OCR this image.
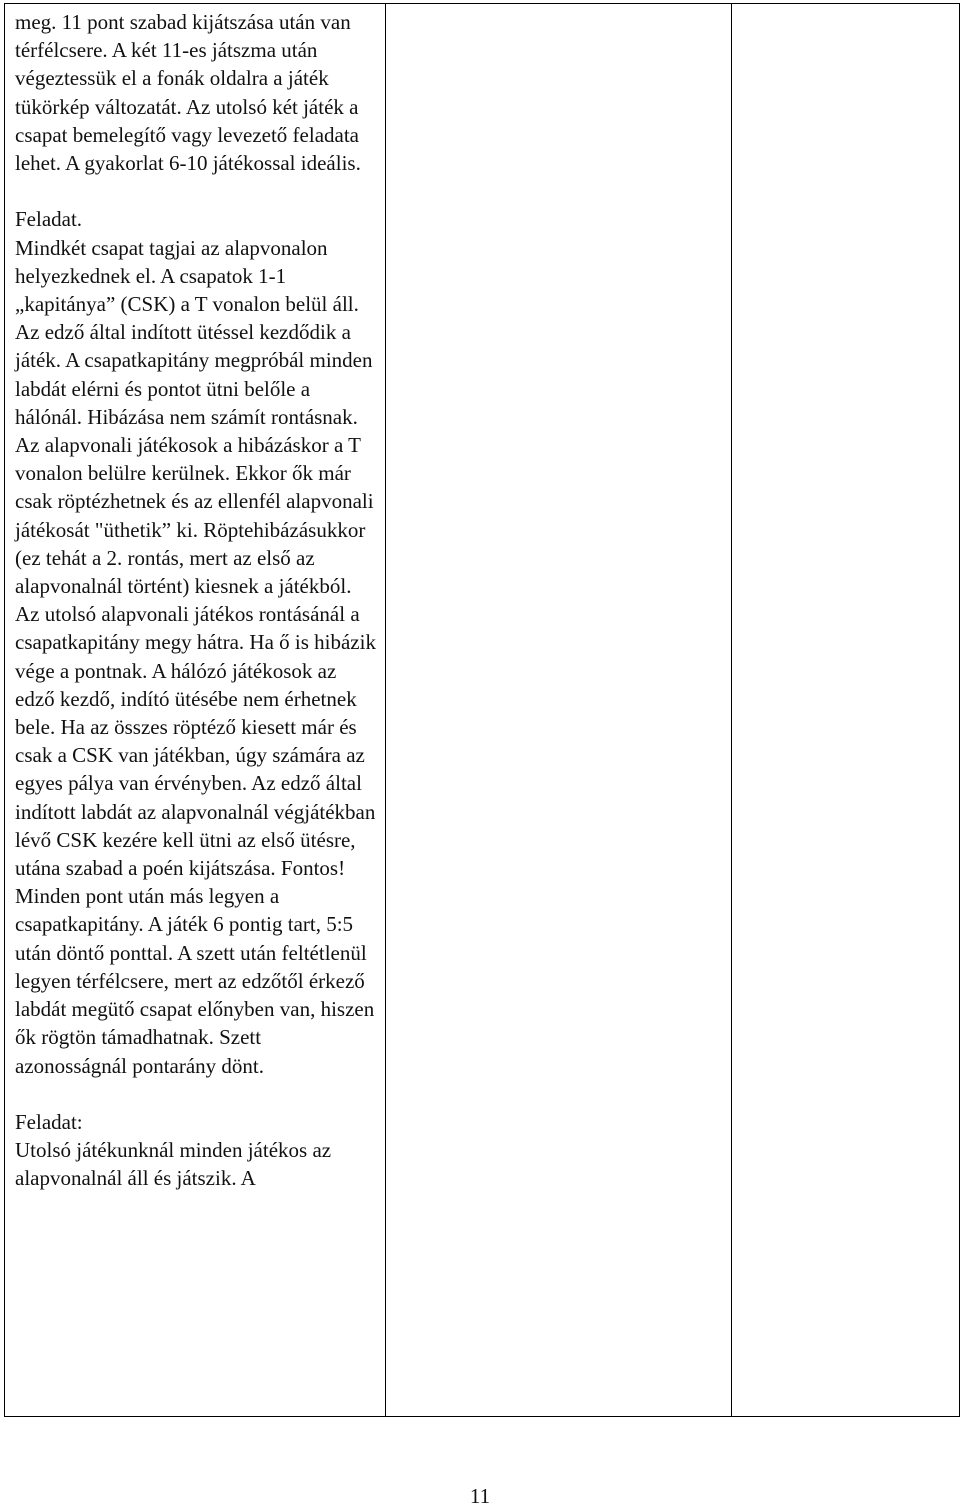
meg. 11 pont szabad kijátszása után van térfélcsere. A két 11-es játszma után végeztessük el a fonák oldalra a játék tükörkép változatát. Az utolsó két játék a csapat bemelegítő vagy levezető feladata lehet. A gyakorlat 6-10 játékossal ideális.

Feladat.

Mindkét csapat tagjai az alapvonalon helyezkednek el. A csapatok 1-1 „kapitánya” (CSK) a T vonalon belül áll. Az edző által indított ütéssel kezdődik a játék. A csapatkapitány megpróbál minden labdát elérni és pontot ütni belőle a hálónál. Hibázása nem számít rontásnak. Az alapvonali játékosok a hibázáskor a T vonalon belülre kerülnek. Ekkor ők már csak röptézhetnek és az ellenfél alapvonali játékosát "üthetik” ki. Röptehibázásukkor (ez tehát a 2. rontás, mert az első az alapvonalnál történt) kiesnek a játékból. Az utolsó alapvonali játékos rontásánál a csapatkapitány megy hátra. Ha ő is hibázik vége a pontnak. A hálózó játékosok az edző kezdő, indító ütésébe nem érhetnek bele. Ha az összes röptéző kiesett már és csak a CSK van játékban, úgy számára az egyes pálya van érvényben. Az edző által indított labdát az alapvonalnál végjátékban lévő CSK kezére kell ütni az első ütésre, utána szabad a poén kijátszása. Fontos! Minden pont után más legyen a csapatkapitány. A játék 6 pontig tart, 5:5 után döntő ponttal. A szett után feltétlenül legyen térfélcsere, mert az edzőtől érkező labdát megütő csapat előnyben van, hiszen ők rögtön támadhatnak. Szett azonosságnál pontarány dönt.

Feladat:

Utolsó játékunknál minden játékos az alapvonalnál áll és játszik. A

11
